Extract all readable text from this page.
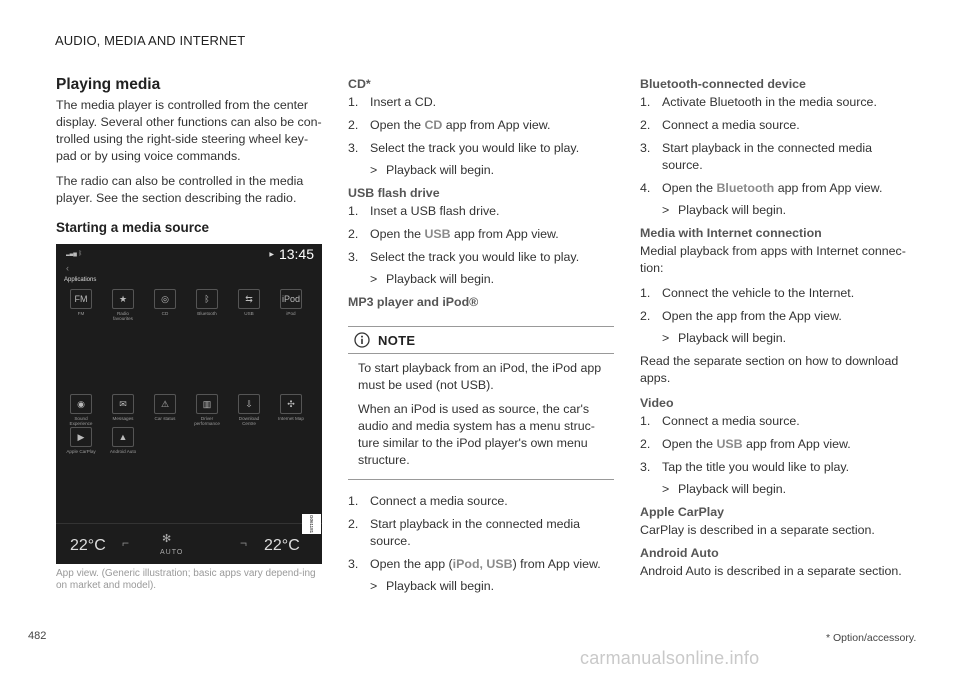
AUDIO, MEDIA AND INTERNET
Playing media

The media player is controlled from the center display. Several other functions can also be con-trolled using the right-side steering wheel key-pad or by using voice commands.

The radio can also be controlled in the media player. See the section describing the radio.

Starting a media source
▂▃▅ ᛒ	▶ 13:45
‹
Applications
FM
FM
★
Radio favourites
◎
CD
ᛒ
Bluetooth
⇆
USB
iPod
iPod
◉
Sound Experience
✉
Messages
⚠
Car status
▥
Driver performance
⇩
Download Centre
✣
Internet Map
▶
Apple CarPlay
▲
Android Auto
22°C ⌐	✻
AUTO
¬ 22°C
G061181
App view. (Generic illustration; basic apps vary depend-ing on market and model).
CD*
1. Insert a CD.
2. Open the CD app from App view.
3. Select the track you would like to play.
> Playback will begin.
USB flash drive
1. Inset a USB flash drive.
2. Open the USB app from App view.
3. Select the track you would like to play.
> Playback will begin.
MP3 player and iPod®
NOTE

To start playback from an iPod, the iPod app must be used (not USB).

When an iPod is used as source, the car's audio and media system has a menu struc-ture similar to the iPod player's own menu structure.

1. Connect a media source.
2. Start playback in the connected media source.
3. Open the app (iPod, USB) from App view.
> Playback will begin.
Bluetooth-connected device
1. Activate Bluetooth in the media source.
2. Connect a media source.
3. Start playback in the connected media source.
4. Open the Bluetooth app from App view.
> Playback will begin.
Media with Internet connection

Medial playback from apps with Internet connec-tion:

1. Connect the vehicle to the Internet.
2. Open the app from the App view.
> Playback will begin.

Read the separate section on how to download apps.

Video
1. Connect a media source.
2. Open the USB app from App view.
3. Tap the title you would like to play.
> Playback will begin.
Apple CarPlay

CarPlay is described in a separate section.

Android Auto

Android Auto is described in a separate section.

482	* Option/accessory.
carmanualsonline.info
